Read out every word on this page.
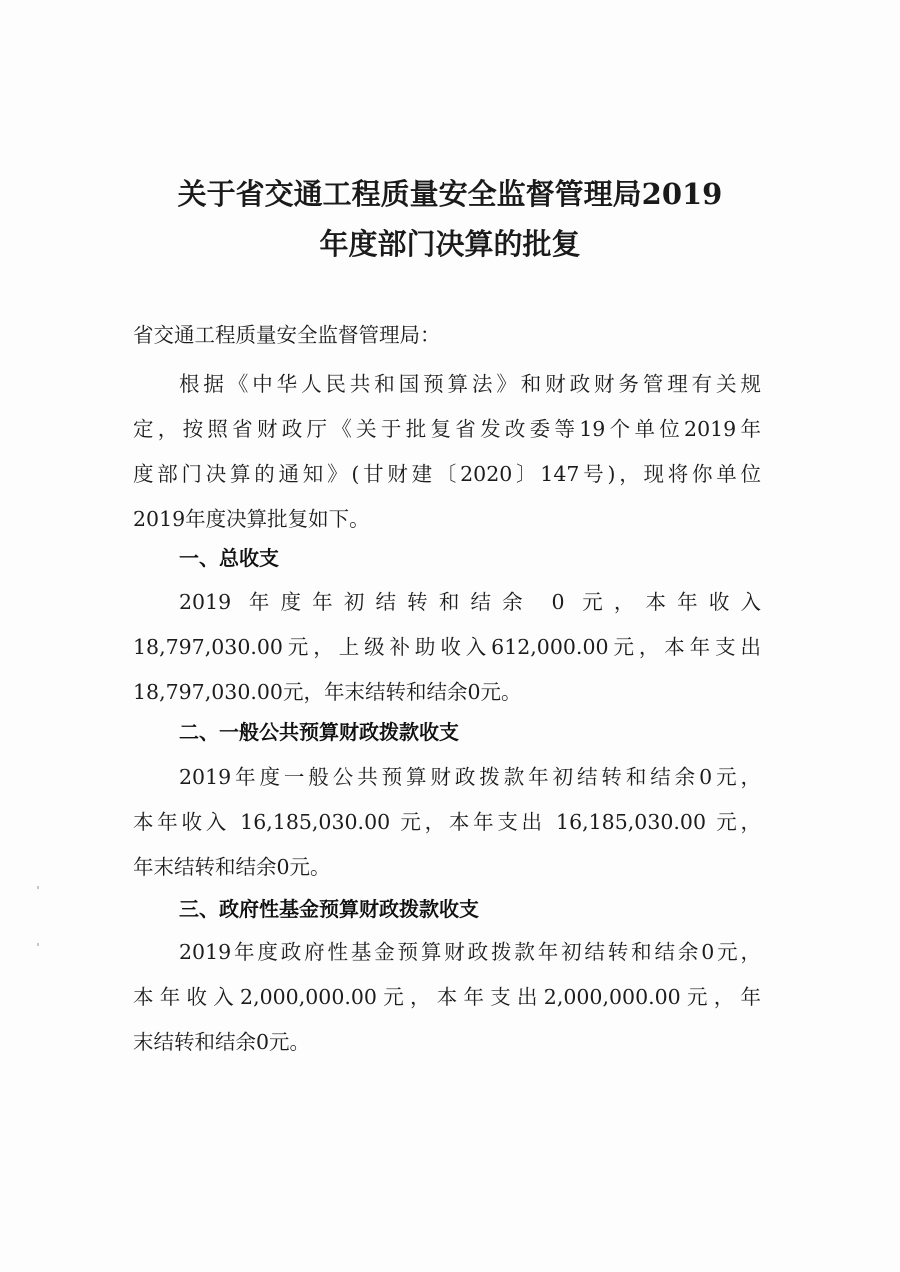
关于省交通工程质量安全监督管理局2019
年度部门决算的批复

省交通工程质量安全监督管理局：

根据《中华人民共和国预算法》和财政财务管理有关规

定，按照省财政厅《关于批复省发改委等19个单位2019年

度部门决算的通知》(甘财建〔2020〕147号)，现将你单位

2019年度决算批复如下。

一、总收支

2019 年度年初结转和结余 0 元，本年收入

18,797,030.00元，上级补助收入612,000.00元，本年支出

18,797,030.00元，年末结转和结余0元。

二、一般公共预算财政拨款收支

2019年度一般公共预算财政拨款年初结转和结余0元，

本年收入 16,185,030.00 元，本年支出 16,185,030.00 元，

年末结转和结余0元。

三、政府性基金预算财政拨款收支

2019年度政府性基金预算财政拨款年初结转和结余0元，

本年收入2,000,000.00元，本年支出2,000,000.00元，年

末结转和结余0元。
